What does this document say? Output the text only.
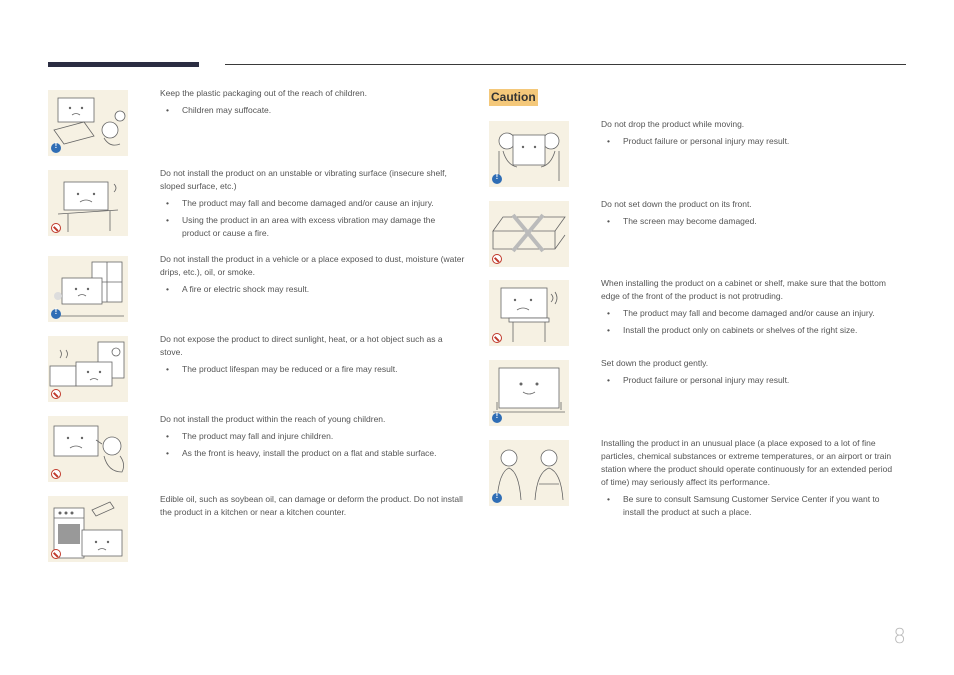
!

Keep the plastic packaging out of the reach of children.

• Children may suffocate.

Do not install the product on an unstable or vibrating surface (insecure shelf, sloped surface, etc.)

• The product may fall and become damaged and/or cause an injury.
• Using the product in an area with excess vibration may damage the product or cause a fire.
!

Do not install the product in a vehicle or a place exposed to dust, moisture (water drips, etc.), oil, or smoke.

• A fire or electric shock may result.

Do not expose the product to direct sunlight, heat, or a hot object such as a stove.

• The product lifespan may be reduced or a fire may result.

Do not install the product within the reach of young children.

• The product may fall and injure children.
• As the front is heavy, install the product on a flat and stable surface.

Edible oil, such as soybean oil, can damage or deform the product. Do not install the product in a kitchen or near a kitchen counter.

Caution
!

Do not drop the product while moving.

• Product failure or personal injury may result.

Do not set down the product on its front.

• The screen may become damaged.

When installing the product on a cabinet or shelf, make sure that the bottom edge of the front of the product is not protruding.

• The product may fall and become damaged and/or cause an injury.
• Install the product only on cabinets or shelves of the right size.
!

Set down the product gently.

• Product failure or personal injury may result.
!

Installing the product in an unusual place (a place exposed to a lot of fine particles, chemical substances or extreme temperatures, or an airport or train station where the product should operate continuously for an extended period of time) may seriously affect its performance.

• Be sure to consult Samsung Customer Service Center if you want to install the product at such a place.
8
